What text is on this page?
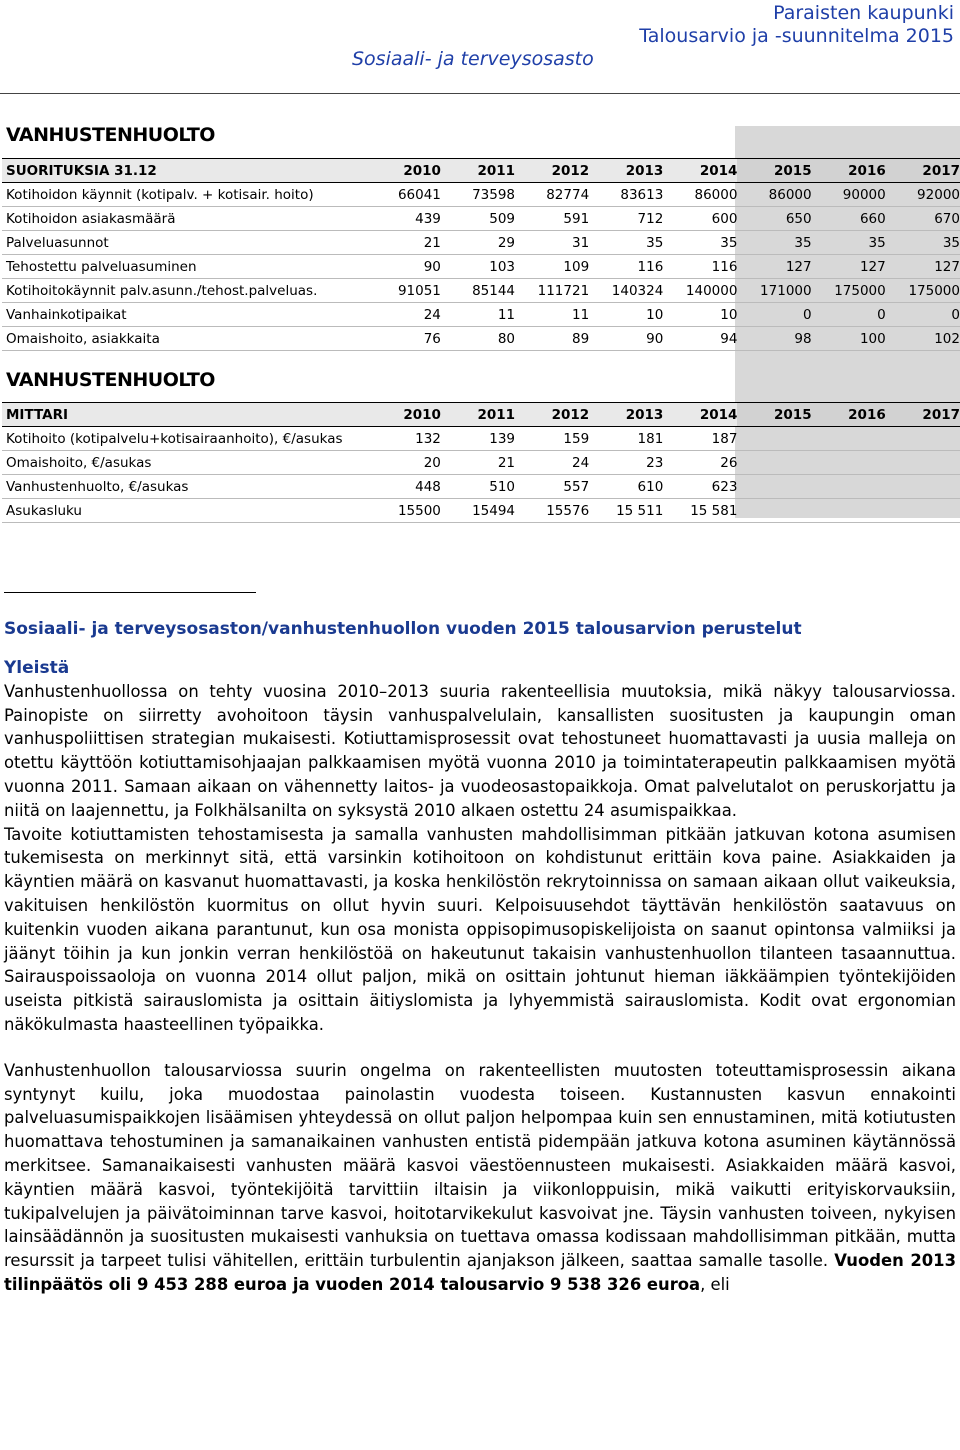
Paraisten kaupunki
Talousarvio ja -suunnitelma 2015
Sosiaali- ja terveysosasto
VANHUSTENHUOLTO
SUORITUKSIA 31.12	2010	2011	2012	2013	2014	2015	2016	2017
Kotihoidon käynnit (kotipalv. + kotisair. hoito)	66041	73598	82774	83613	86000	86000	90000	92000
Kotihoidon asiakasmäärä	439	509	591	712	600	650	660	670
Palveluasunnot	21	29	31	35	35	35	35	35
Tehostettu palveluasuminen	90	103	109	116	116	127	127	127
Kotihoitokäynnit palv.asunn./tehost.palveluas.	91051	85144	111721	140324	140000	171000	175000	175000
Vanhainkotipaikat	24	11	11	10	10	0	0	0
Omaishoito, asiakkaita	76	80	89	90	94	98	100	102
VANHUSTENHUOLTO
MITTARI	2010	2011	2012	2013	2014	2015	2016	2017
Kotihoito (kotipalvelu+kotisairaanhoito), €/asukas	132	139	159	181	187			
Omaishoito, €/asukas	20	21	24	23	26			
Vanhustenhuolto, €/asukas	448	510	557	610	623			
Asukasluku	15500	15494	15576	15 511	15 581			
Sosiaali- ja terveysosaston/vanhustenhuollon vuoden 2015 talousarvion perustelut
Yleistä

Vanhustenhuollossa on tehty vuosina 2010–2013 suuria rakenteellisia muutoksia, mikä näkyy talousarviossa. Painopiste on siirretty avohoitoon täysin vanhuspalvelulain, kansallisten suositusten ja kaupungin oman vanhuspoliittisen strategian mukaisesti. Kotiuttamisprosessit ovat tehostuneet huomattavasti ja uusia malleja on otettu käyttöön kotiuttamisohjaajan palkkaamisen myötä vuonna 2010 ja toimintaterapeutin palkkaamisen myötä vuonna 2011. Samaan aikaan on vähennetty laitos- ja vuodeosastopaikkoja. Omat palvelutalot on peruskorjattu ja niitä on laajennettu, ja Folkhälsanilta on syksystä 2010 alkaen ostettu 24 asumispaikkaa.

Tavoite kotiuttamisten tehostamisesta ja samalla vanhusten mahdollisimman pitkään jatkuvan kotona asumisen tukemisesta on merkinnyt sitä, että varsinkin kotihoitoon on kohdistunut erittäin kova paine. Asiakkaiden ja käyntien määrä on kasvanut huomattavasti, ja koska henkilöstön rekrytoinnissa on samaan aikaan ollut vaikeuksia, vakituisen henkilöstön kuormitus on ollut hyvin suuri. Kelpoisuusehdot täyttävän henkilöstön saatavuus on kuitenkin vuoden aikana parantunut, kun osa monista oppisopimusopiskelijoista on saanut opintonsa valmiiksi ja jäänyt töihin ja kun jonkin verran henkilöstöä on hakeutunut takaisin vanhustenhuollon tilanteen tasaannuttua. Sairauspoissaoloja on vuonna 2014 ollut paljon, mikä on osittain johtunut hieman iäkkäämpien työntekijöiden useista pitkistä sairauslomista ja osittain äitiyslomista ja lyhyemmistä sairauslomista. Kodit ovat ergonomian näkökulmasta haasteellinen työpaikka.

Vanhustenhuollon talousarviossa suurin ongelma on rakenteellisten muutosten toteuttamisprosessin aikana syntynyt kuilu, joka muodostaa painolastin vuodesta toiseen. Kustannusten kasvun ennakointi palveluasumispaikkojen lisäämisen yhteydessä on ollut paljon helpompaa kuin sen ennustaminen, mitä kotiutusten huomattava tehostuminen ja samanaikainen vanhusten entistä pidempään jatkuva kotona asuminen käytännössä merkitsee. Samanaikaisesti vanhusten määrä kasvoi väestöennusteen mukaisesti. Asiakkaiden määrä kasvoi, käyntien määrä kasvoi, työntekijöitä tarvittiin iltaisin ja viikonloppuisin, mikä vaikutti erityiskorvauksiin, tukipalvelujen ja päivätoiminnan tarve kasvoi, hoitotarvikekulut kasvoivat jne. Täysin vanhusten toiveen, nykyisen lainsäädännön ja suositusten mukaisesti vanhuksia on tuettava omassa kodissaan mahdollisimman pitkään, mutta resurssit ja tarpeet tulisi vähitellen, erittäin turbulentin ajanjakson jälkeen, saattaa samalle tasolle. Vuoden 2013 tilinpäätös oli 9 453 288 euroa ja vuoden 2014 talousarvio 9 538 326 euroa, eli
